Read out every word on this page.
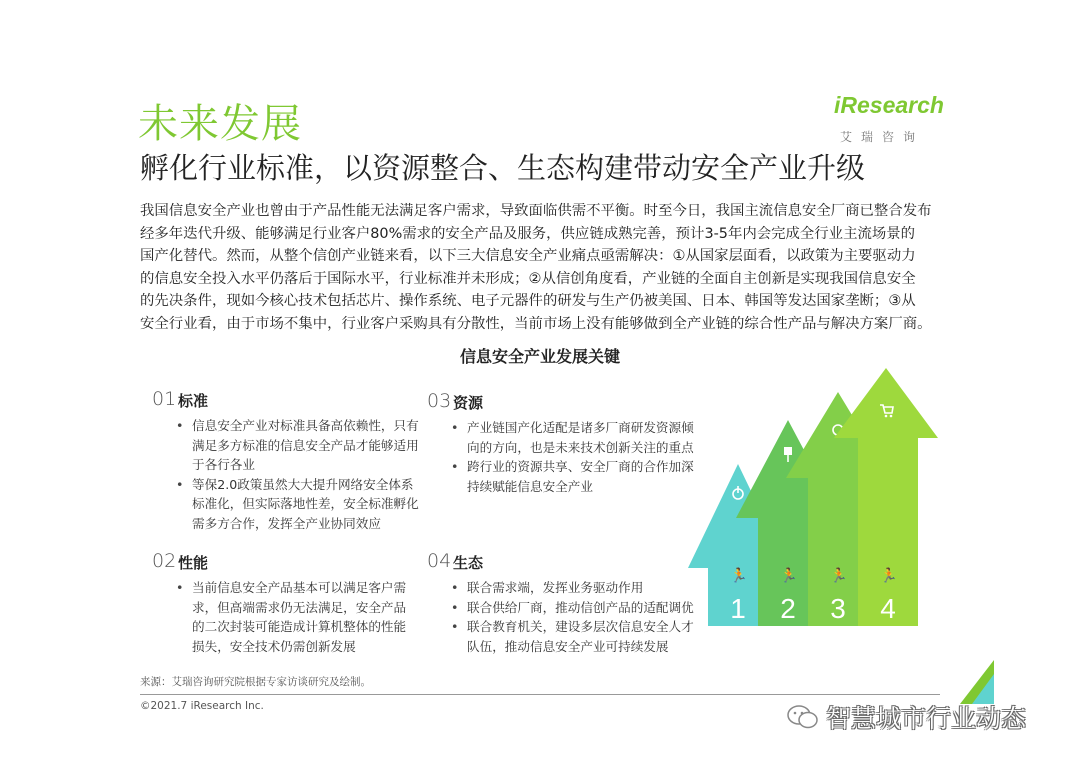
未来发展	iResearch
艾瑞咨询
孵化行业标准，以资源整合、生态构建带动安全产业升级

我国信息安全产业也曾由于产品性能无法满足客户需求，导致面临供需不平衡。时至今日，我国主流信息安全厂商已整合发布

经多年迭代升级、能够满足行业客户80%需求的安全产品及服务，供应链成熟完善，预计3-5年内会完成全行业主流场景的

国产化替代。然而，从整个信创产业链来看，以下三大信息安全产业痛点亟需解决：①从国家层面看，以政策为主要驱动力

的信息安全投入水平仍落后于国际水平，行业标准并未形成；②从信创角度看，产业链的全面自主创新是实现我国信息安全

的先决条件，现如今核心技术包括芯片、操作系统、电子元器件的研发与生产仍被美国、日本、韩国等发达国家垄断；③从

安全行业看，由于市场不集中，行业客户采购具有分散性，当前市场上没有能够做到全产业链的综合性产品与解决方案厂商。

信息安全产业发展关键
01 标准
• 信息安全产业对标准具备高依赖性，只有
满足多方标准的信息安全产品才能够适用
于各行各业
• 等保2.0政策虽然大大提升网络安全体系
标准化，但实际落地性差，安全标准孵化
需多方合作，发挥全产业协同效应
02 性能
• 当前信息安全产品基本可以满足客户需
求，但高端需求仍无法满足，安全产品
的二次封装可能造成计算机整体的性能
损失，安全技术仍需创新发展
03 资源
• 产业链国产化适配是诸多厂商研发资源倾
向的方向，也是未来技术创新关注的重点
• 跨行业的资源共享、安全厂商的合作加深
持续赋能信息安全产业
04 生态
• 联合需求端，发挥业务驱动作用
• 联合供给厂商，推动信创产品的适配调优
• 联合教育机关，建设多层次信息安全人才
队伍，推动信息安全产业可持续发展
🏃
1
🏃
2
🏃
3
🏃
4
来源：艾瑞咨询研究院根据专家访谈研究及绘制。
©2021.7 iResearch Inc.	智慧城市行业动态
